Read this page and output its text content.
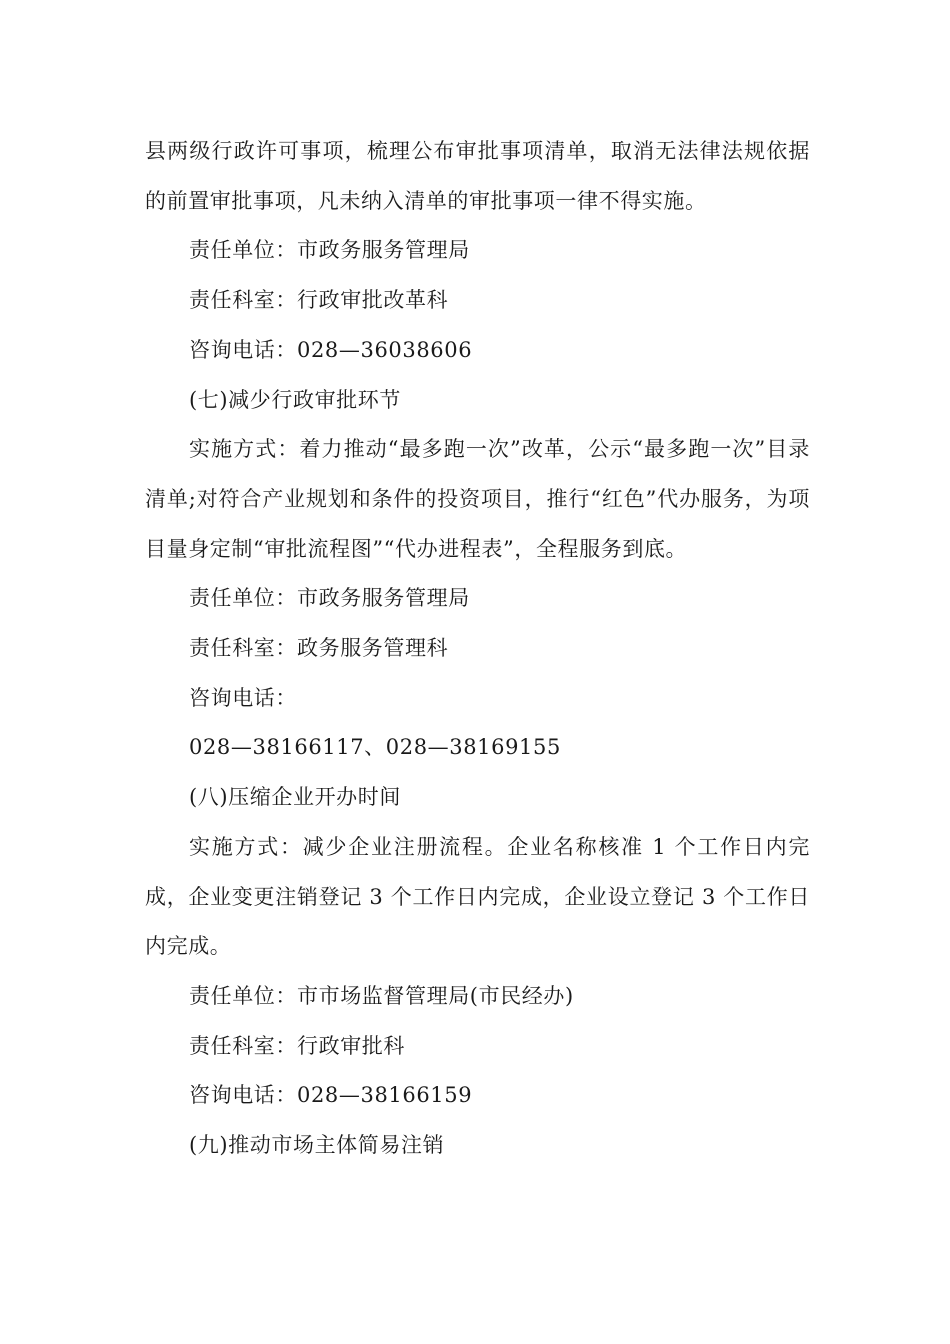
县两级行政许可事项，梳理公布审批事项清单，取消无法律法规依据的前置审批事项，凡未纳入清单的审批事项一律不得实施。

责任单位：市政务服务管理局

责任科室：行政审批改革科

咨询电话：028—36038606

(七)减少行政审批环节

实施方式：着力推动“最多跑一次”改革，公示“最多跑一次”目录清单;对符合产业规划和条件的投资项目，推行“红色”代办服务，为项目量身定制“审批流程图”“代办进程表”，全程服务到底。

责任单位：市政务服务管理局

责任科室：政务服务管理科

咨询电话：

028—38166117、028—38169155

(八)压缩企业开办时间

实施方式：减少企业注册流程。企业名称核准 1 个工作日内完成，企业变更注销登记 3 个工作日内完成，企业设立登记 3 个工作日内完成。

责任单位：市市场监督管理局(市民经办)

责任科室：行政审批科

咨询电话：028—38166159

(九)推动市场主体简易注销
